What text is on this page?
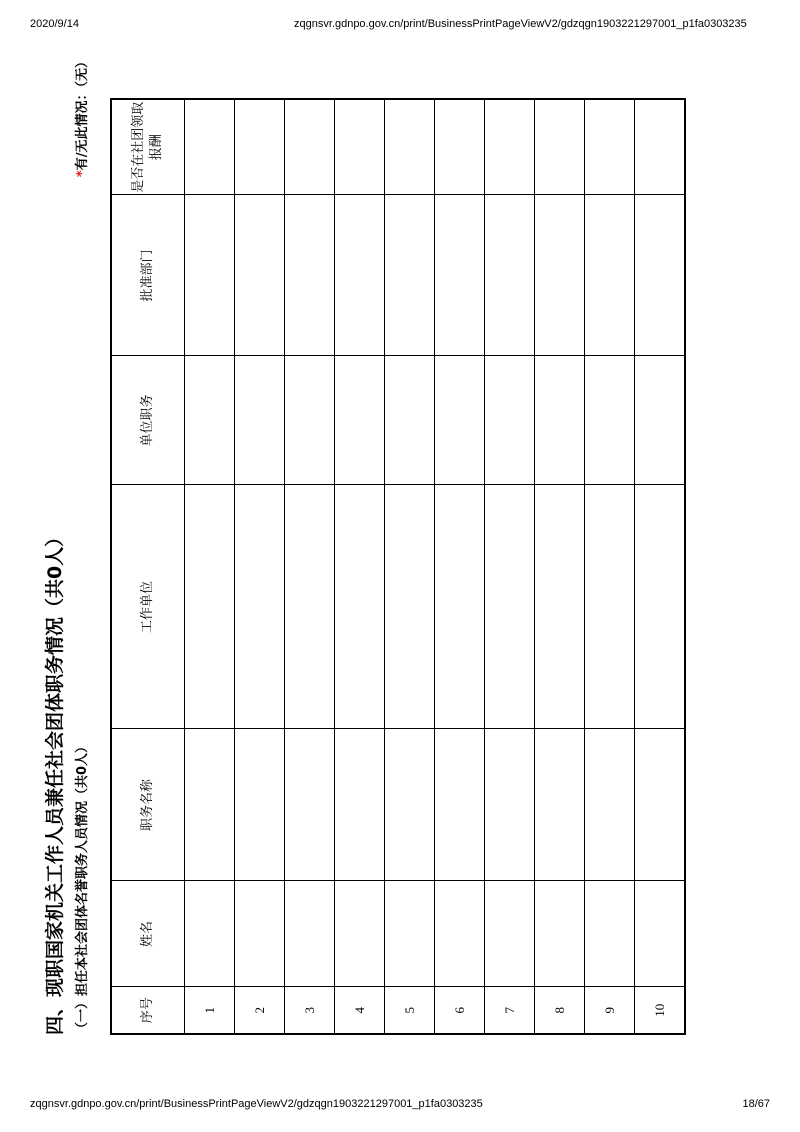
2020/9/14	zqgnsvr.gdnpo.gov.cn/print/BusinessPrintPageViewV2/gdzqgn1903221297001_p1fa0303235
四、现职国家机关工作人员兼任社会团体职务情况（共0人） （一）担任本社会团体名誉职务人员情况（共0人）
*有/无此情况：（无）
序号	姓名	职务名称	工作单位	单位职务	批准部门	是否在社团领取报酬
1						
2						
3						
4						
5						
6						
7						
8						
9						
10						
zqgnsvr.gdnpo.gov.cn/print/BusinessPrintPageViewV2/gdzqgn1903221297001_p1fa0303235	18/67
